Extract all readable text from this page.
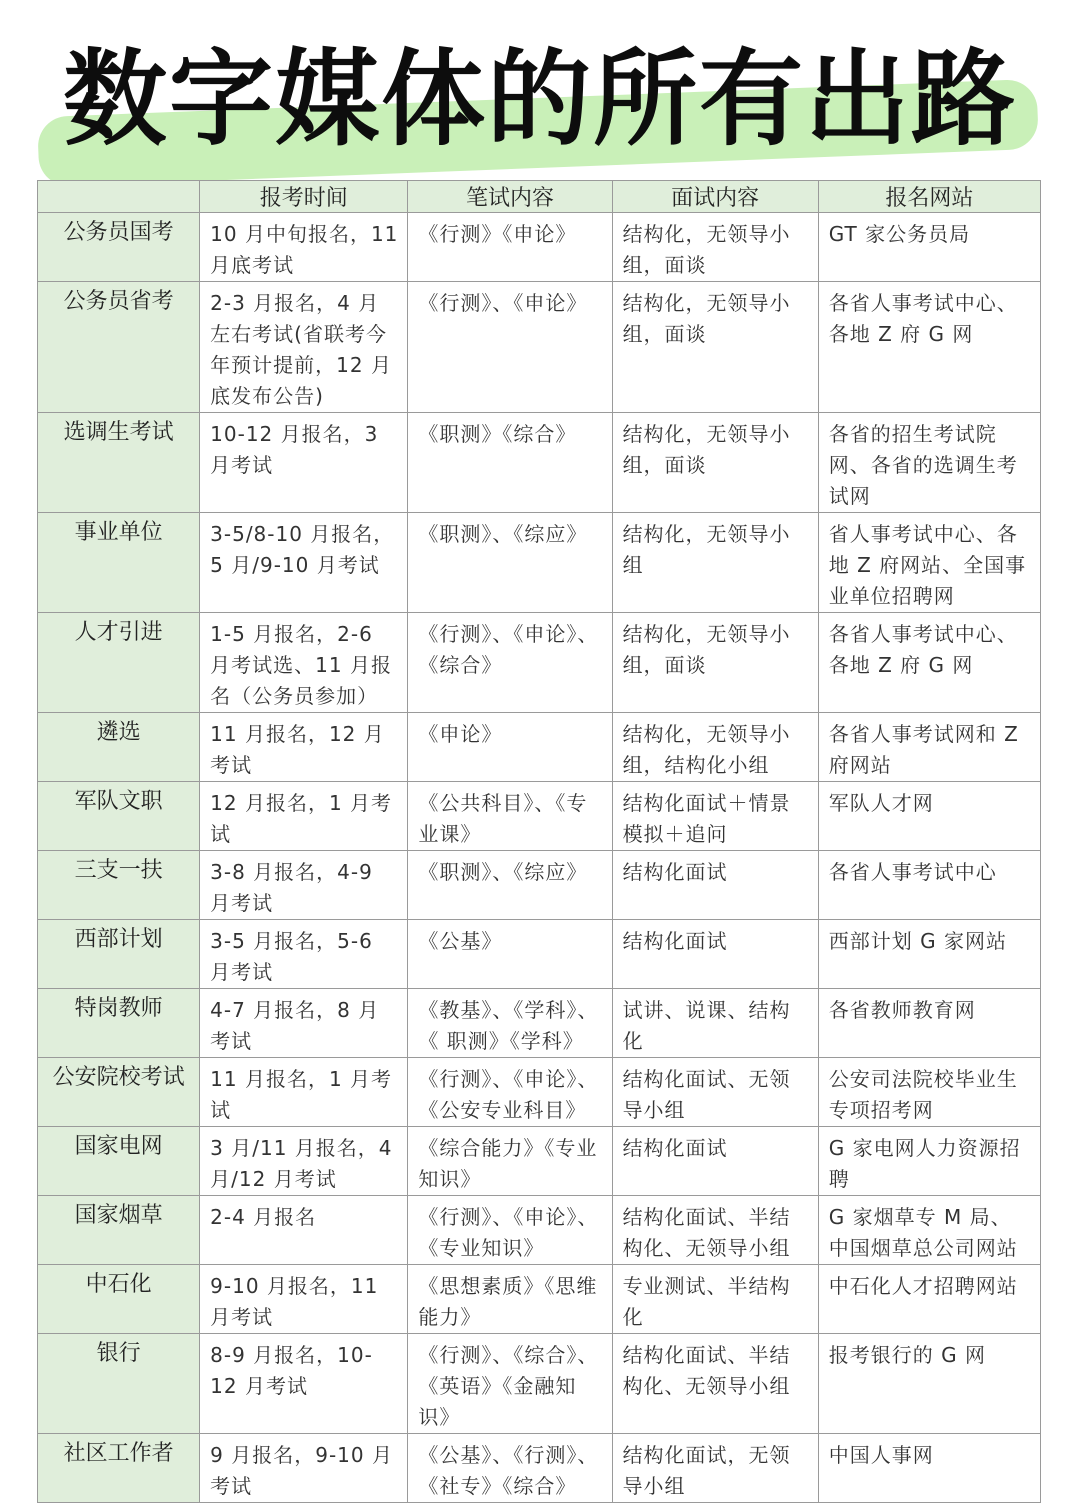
数字媒体的所有出路
	报考时间	笔试内容	面试内容	报名网站
公务员国考	10 月中旬报名，11 月底考试	《行测》《申论》	结构化，无领导小组，面谈	GT 家公务员局
公务员省考	2-3 月报名，4 月左右考试(省联考今年预计提前，12 月底发布公告)	《行测》、《申论》	结构化，无领导小组，面谈	各省人事考试中心、各地 Z 府 G 网
选调生考试	10-12 月报名，3 月考试	《职测》《综合》	结构化，无领导小组，面谈	各省的招生考试院网、各省的选调生考试网
事业单位	3-5/8-10 月报名，5 月/9-10 月考试	《职测》、《综应》	结构化，无领导小组	省人事考试中心、各地 Z 府网站、全国事业单位招聘网
人才引进	1-5 月报名，2-6 月考试选、11 月报名（公务员参加）	《行测》、《申论》、《综合》	结构化，无领导小组，面谈	各省人事考试中心、各地 Z 府 G 网
遴选	11 月报名，12 月考试	《申论》	结构化，无领导小组，结构化小组	各省人事考试网和 Z 府网站
军队文职	12 月报名，1 月考试	《公共科目》、《专业课》	结构化面试＋情景模拟＋追问	军队人才网
三支一扶	3-8 月报名，4-9 月考试	《职测》、《综应》	结构化面试	各省人事考试中心
西部计划	3-5 月报名，5-6 月考试	《公基》	结构化面试	西部计划 G 家网站
特岗教师	4-7 月报名，8 月考试	《教基》、《学科》、《 职测》《学科》	试讲、说课、结构化	各省教师教育网
公安院校考试	11 月报名，1 月考试	《行测》、《申论》、《公安专业科目》	结构化面试、无领导小组	公安司法院校毕业生专项招考网
国家电网	3 月/11 月报名，4 月/12 月考试	《综合能力》《专业知识》	结构化面试	G 家电网人力资源招聘
国家烟草	2-4 月报名	《行测》、《申论》、《专业知识》	结构化面试、半结构化、无领导小组	G 家烟草专 M 局、中国烟草总公司网站
中石化	9-10 月报名，11 月考试	《思想素质》《思维能力》	专业测试、半结构化	中石化人才招聘网站
银行	8-9 月报名，10-12 月考试	《行测》、《综合》、《英语》《金融知识》	结构化面试、半结构化、无领导小组	报考银行的 G 网
社区工作者	9 月报名，9-10 月考试	《公基》、《行测》、《社专》《综合》	结构化面试，无领导小组	中国人事网
